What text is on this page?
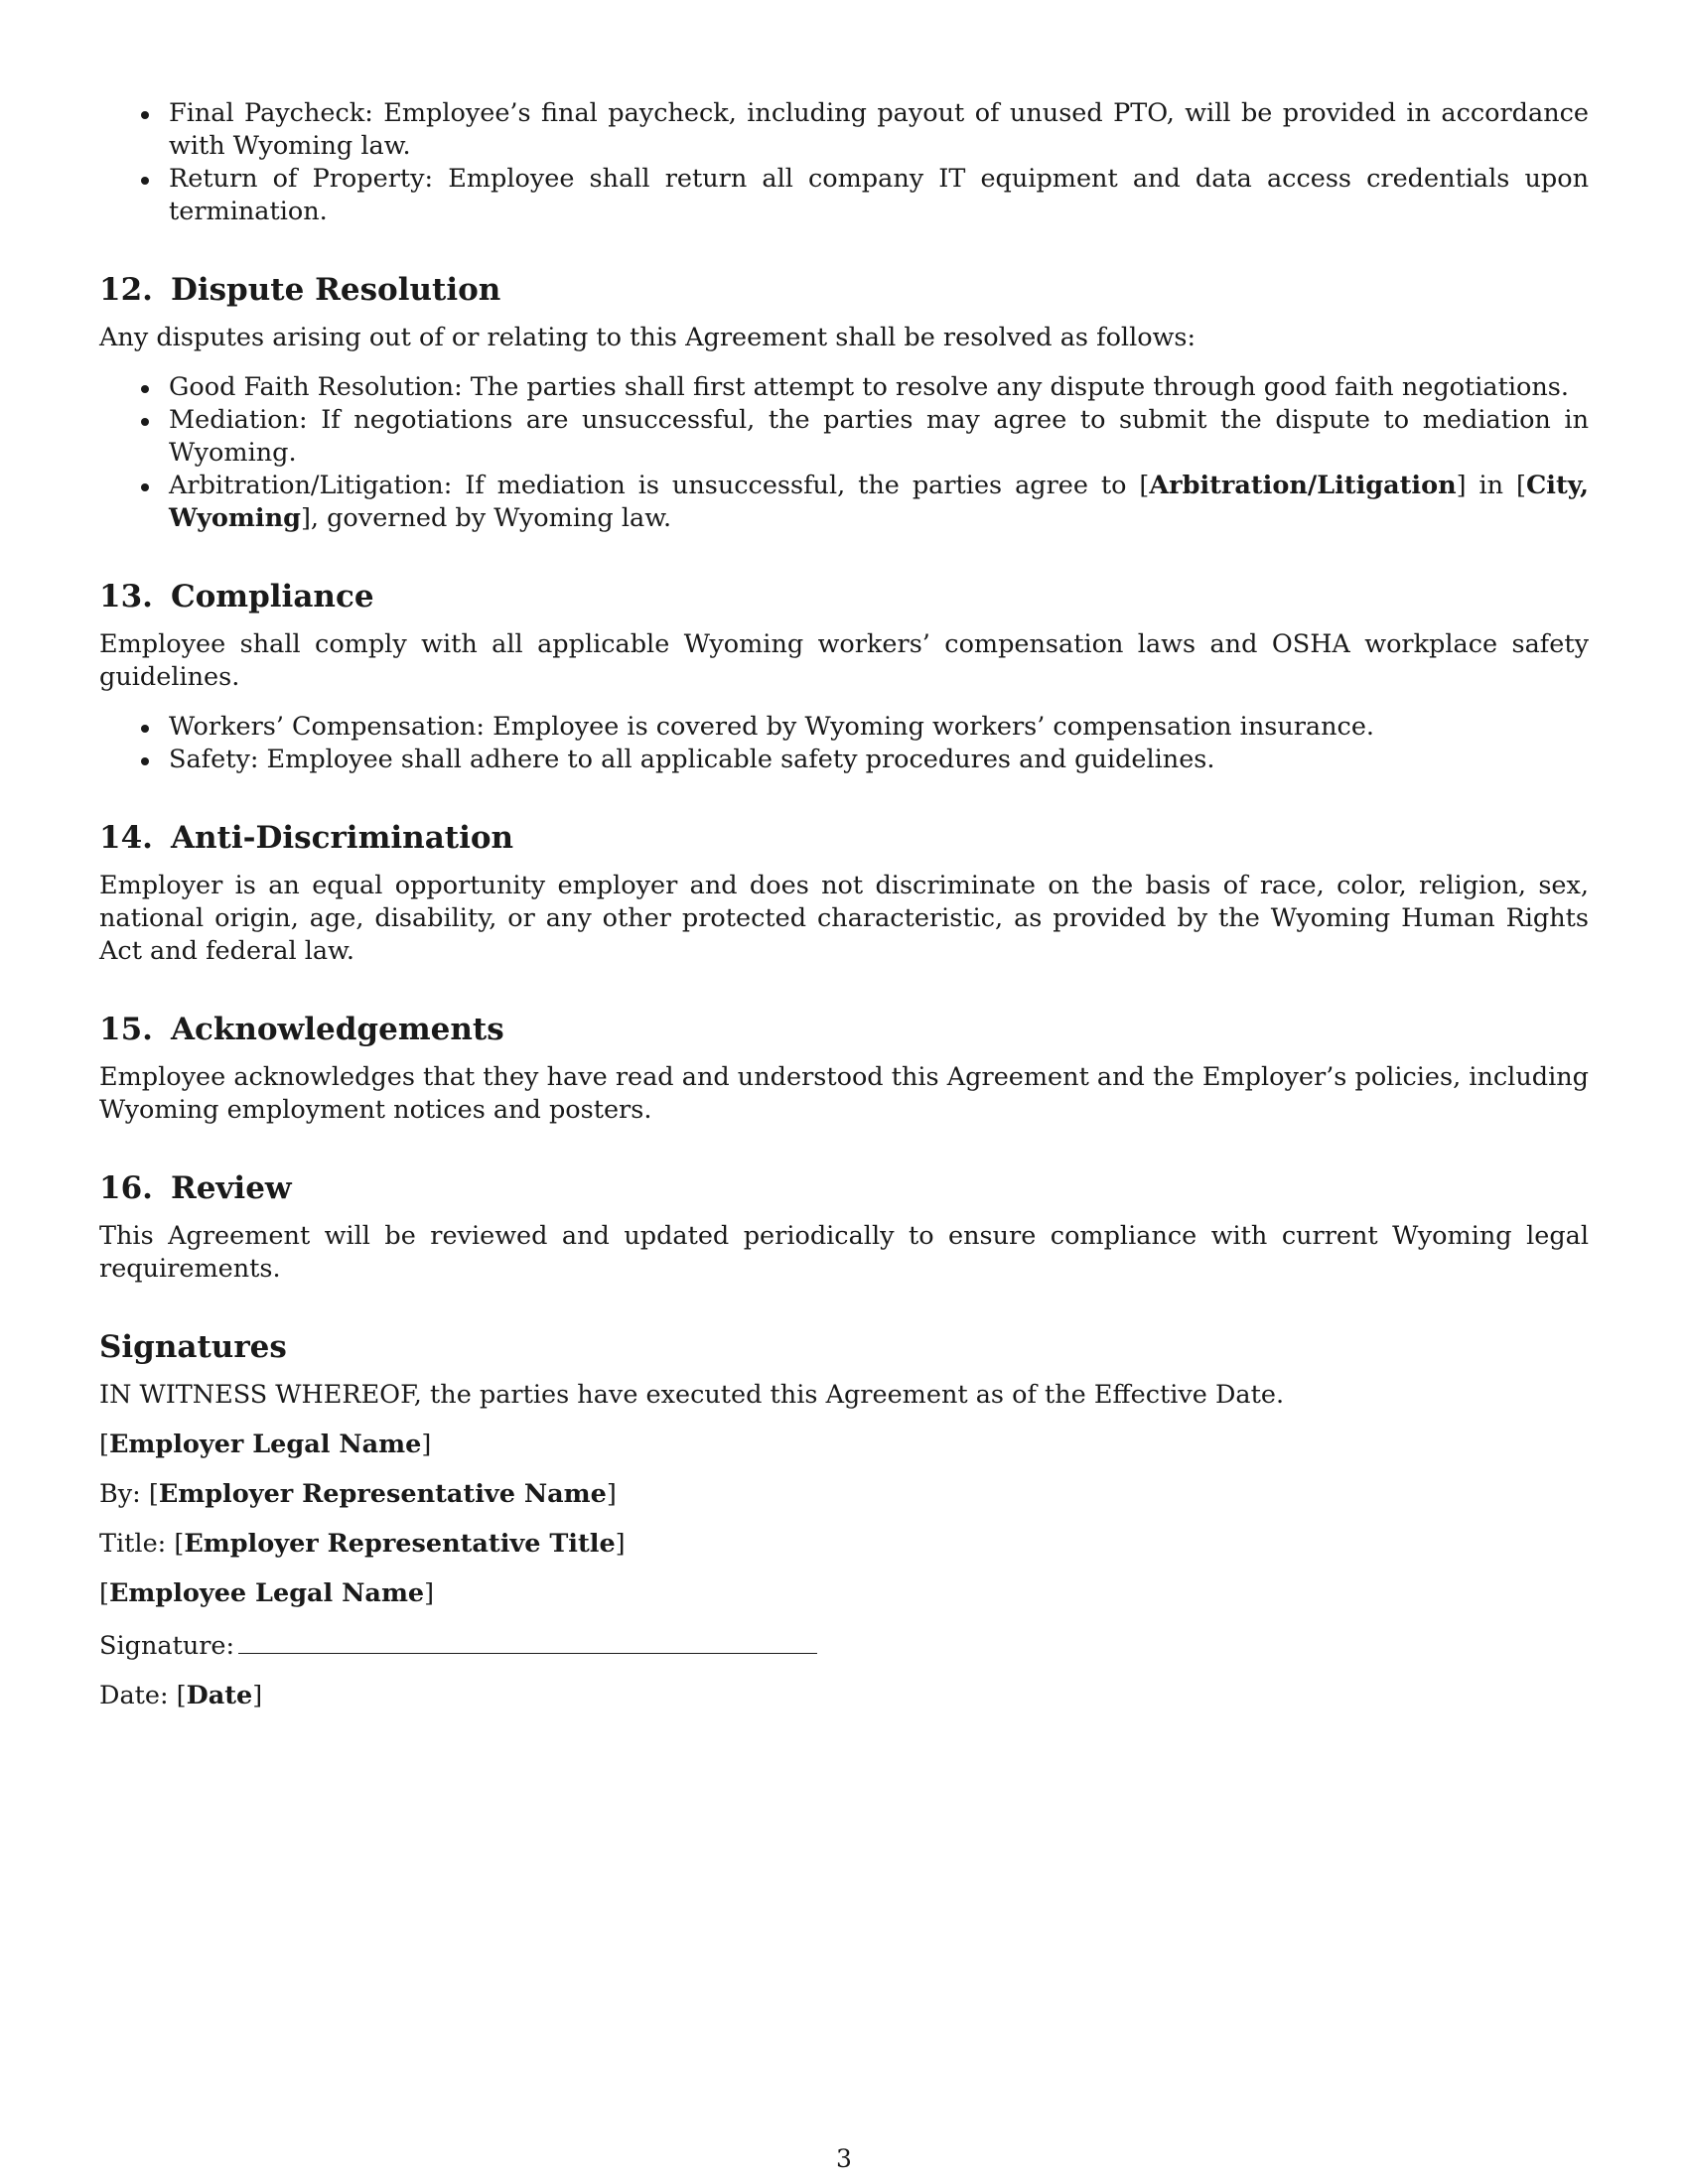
Final Paycheck: Employee’s final paycheck, including payout of unused PTO, will be provided in accordance with Wyoming law.
Return of Property: Employee shall return all company IT equipment and data access credentials upon termination.
12. Dispute Resolution

Any disputes arising out of or relating to this Agreement shall be resolved as follows:

Good Faith Resolution: The parties shall first attempt to resolve any dispute through good faith negotiations.
Mediation: If negotiations are unsuccessful, the parties may agree to submit the dispute to mediation in Wyoming.
Arbitration/Litigation: If mediation is unsuccessful, the parties agree to [Arbitration/Litigation] in [City, Wyoming], governed by Wyoming law.
13. Compliance

Employee shall comply with all applicable Wyoming workers’ compensation laws and OSHA workplace safety guidelines.

Workers’ Compensation: Employee is covered by Wyoming workers’ compensation insurance.
Safety: Employee shall adhere to all applicable safety procedures and guidelines.
14. Anti-Discrimination

Employer is an equal opportunity employer and does not discriminate on the basis of race, color, religion, sex, national origin, age, disability, or any other protected characteristic, as provided by the Wyoming Human Rights Act and federal law.

15. Acknowledgements

Employee acknowledges that they have read and understood this Agreement and the Employer’s policies, including Wyoming employment notices and posters.

16. Review

This Agreement will be reviewed and updated periodically to ensure compliance with current Wyoming legal requirements.

Signatures

IN WITNESS WHEREOF, the parties have executed this Agreement as of the Effective Date.

[Employer Legal Name]

By: [Employer Representative Name]

Title: [Employer Representative Title]

[Employee Legal Name]

Signature:

Date: [Date]

3
